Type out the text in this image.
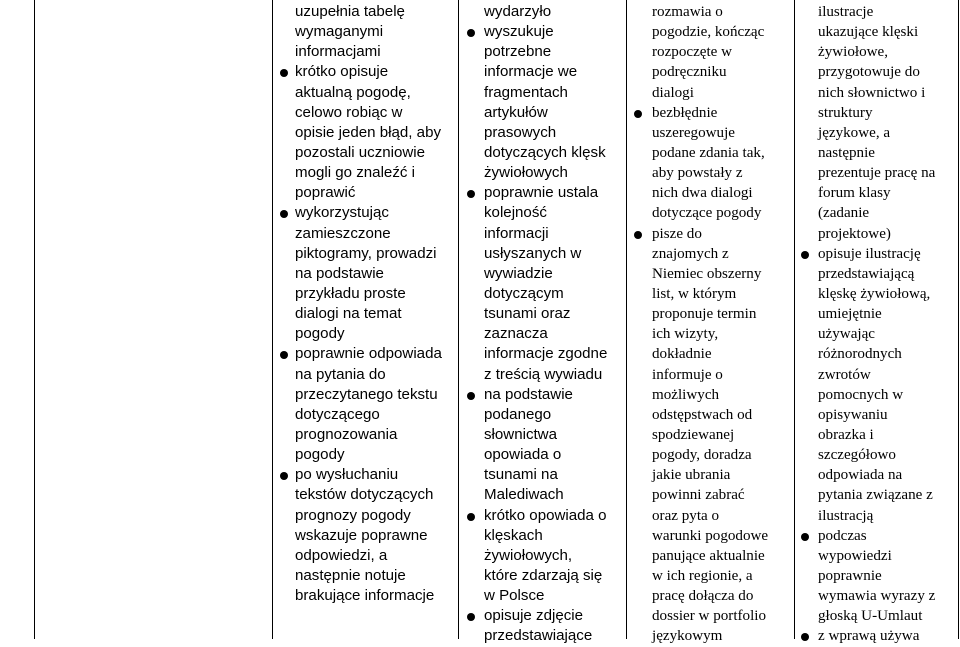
uzupełnia tabelę
wymaganymi
informacjami
krótko opisuje
aktualną pogodę,
celowo robiąc w
opisie jeden błąd, aby
pozostali uczniowie
mogli go znaleźć i
poprawić
wykorzystując
zamieszczone
piktogramy, prowadzi
na podstawie
przykładu proste
dialogi na temat
pogody
poprawnie odpowiada
na pytania do
przeczytanego tekstu
dotyczącego
prognozowania
pogody
po wysłuchaniu
tekstów dotyczących
prognozy pogody
wskazuje poprawne
odpowiedzi, a
następnie notuje
brakujące informacje
wydarzyło
wyszukuje
potrzebne
informacje we
fragmentach
artykułów
prasowych
dotyczących klęsk
żywiołowych
poprawnie ustala
kolejność
informacji
usłyszanych w
wywiadzie
dotyczącym
tsunami oraz
zaznacza
informacje zgodne
z treścią wywiadu
na podstawie
podanego
słownictwa
opowiada o
tsunami na
Malediwach
krótko opowiada o
klęskach
żywiołowych,
które zdarzają się
w Polsce
opisuje zdjęcie
przedstawiające
rozmawia o
pogodzie, kończąc
rozpoczęte w
podręczniku
dialogi
bezbłędnie
uszeregowuje
podane zdania tak,
aby powstały z
nich dwa dialogi
dotyczące pogody
pisze do
znajomych z
Niemiec obszerny
list, w którym
proponuje termin
ich wizyty,
dokładnie
informuje o
możliwych
odstępstwach od
spodziewanej
pogody, doradza
jakie ubrania
powinni zabrać
oraz pyta o
warunki pogodowe
panujące aktualnie
w ich regionie, a
pracę dołącza do
dossier w portfolio
językowym
ilustracje
ukazujące klęski
żywiołowe,
przygotowuje do
nich słownictwo i
struktury
językowe, a
następnie
prezentuje pracę na
forum klasy
(zadanie
projektowe)
opisuje ilustrację
przedstawiającą
klęskę żywiołową,
umiejętnie
używając
różnorodnych
zwrotów
pomocnych w
opisywaniu
obrazka i
szczegółowo
odpowiada na
pytania związane z
ilustracją
podczas
wypowiedzi
poprawnie
wymawia wyrazy z
głoską U-Umlaut
z wprawą używa
